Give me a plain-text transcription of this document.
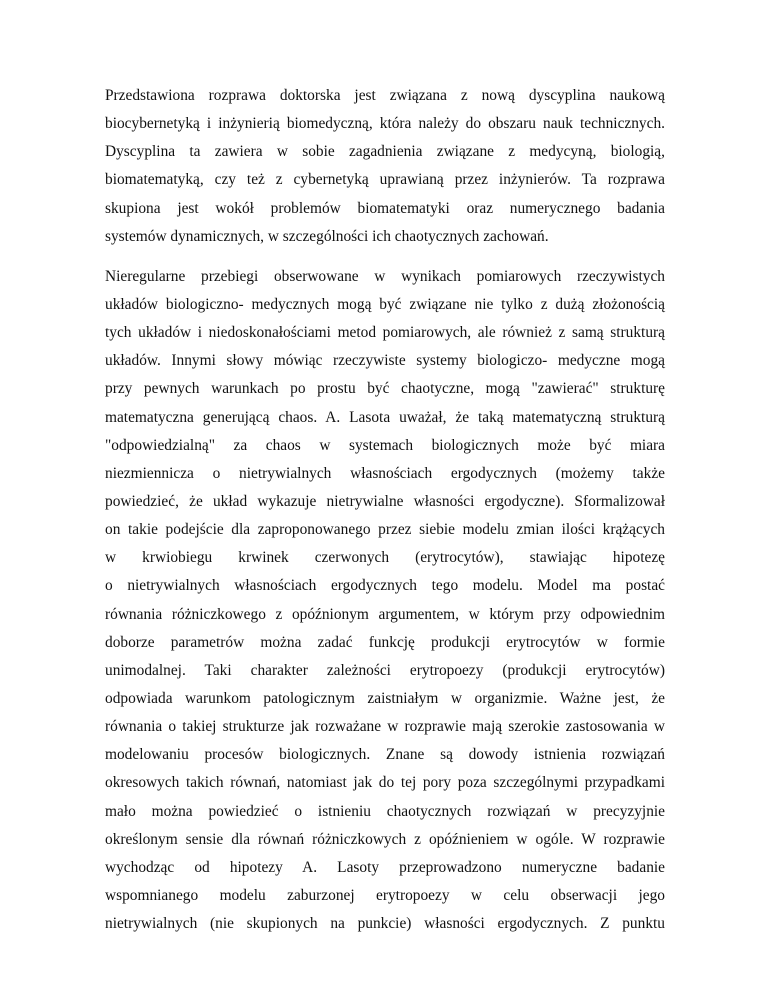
Przedstawiona rozprawa doktorska jest związana z nową dyscyplina naukową
biocybernetyką i inżynierią biomedyczną, która należy do obszaru nauk technicznych.
Dyscyplina ta zawiera w sobie zagadnienia związane z medycyną, biologią,
biomatematyką, czy też z cybernetyką uprawianą przez inżynierów. Ta rozprawa
skupiona jest wokół problemów biomatematyki oraz numerycznego badania
systemów dynamicznych, w szczególności ich chaotycznych zachowań.
Nieregularne przebiegi obserwowane w wynikach pomiarowych rzeczywistych
układów biologiczno- medycznych mogą być związane nie tylko z dużą złożonością
tych układów i niedoskonałościami metod pomiarowych, ale również z samą strukturą
układów. Innymi słowy mówiąc rzeczywiste systemy biologiczo- medyczne mogą
przy pewnych warunkach po prostu być chaotyczne, mogą "zawierać" strukturę
matematyczna generującą chaos. A. Lasota uważał, że taką matematyczną strukturą
"odpowiedzialną" za chaos w systemach biologicznych może być miara
niezmiennicza o nietrywialnych własnościach ergodycznych (możemy także
powiedzieć, że układ wykazuje nietrywialne własności ergodyczne). Sformalizował
on takie podejście dla zaproponowanego przez siebie modelu zmian ilości krążących
w krwiobiegu krwinek czerwonych (erytrocytów), stawiając hipotezę
o nietrywialnych własnościach ergodycznych tego modelu. Model ma postać
równania różniczkowego z opóźnionym argumentem, w którym przy odpowiednim
doborze parametrów można zadać funkcję produkcji erytrocytów w formie
unimodalnej. Taki charakter zależności erytropoezy (produkcji erytrocytów)
odpowiada warunkom patologicznym zaistniałym w organizmie. Ważne jest, że
równania o takiej strukturze jak rozważane w rozprawie mają szerokie zastosowania w
modelowaniu procesów biologicznych. Znane są dowody istnienia rozwiązań
okresowych takich równań, natomiast jak do tej pory poza szczególnymi przypadkami
mało można powiedzieć o istnieniu chaotycznych rozwiązań w precyzyjnie
określonym sensie dla równań różniczkowych z opóźnieniem w ogóle. W rozprawie
wychodząc od hipotezy A. Lasoty przeprowadzono numeryczne badanie
wspomnianego modelu zaburzonej erytropoezy w celu obserwacji jego
nietrywialnych (nie skupionych na punkcie) własności ergodycznych. Z punktu
